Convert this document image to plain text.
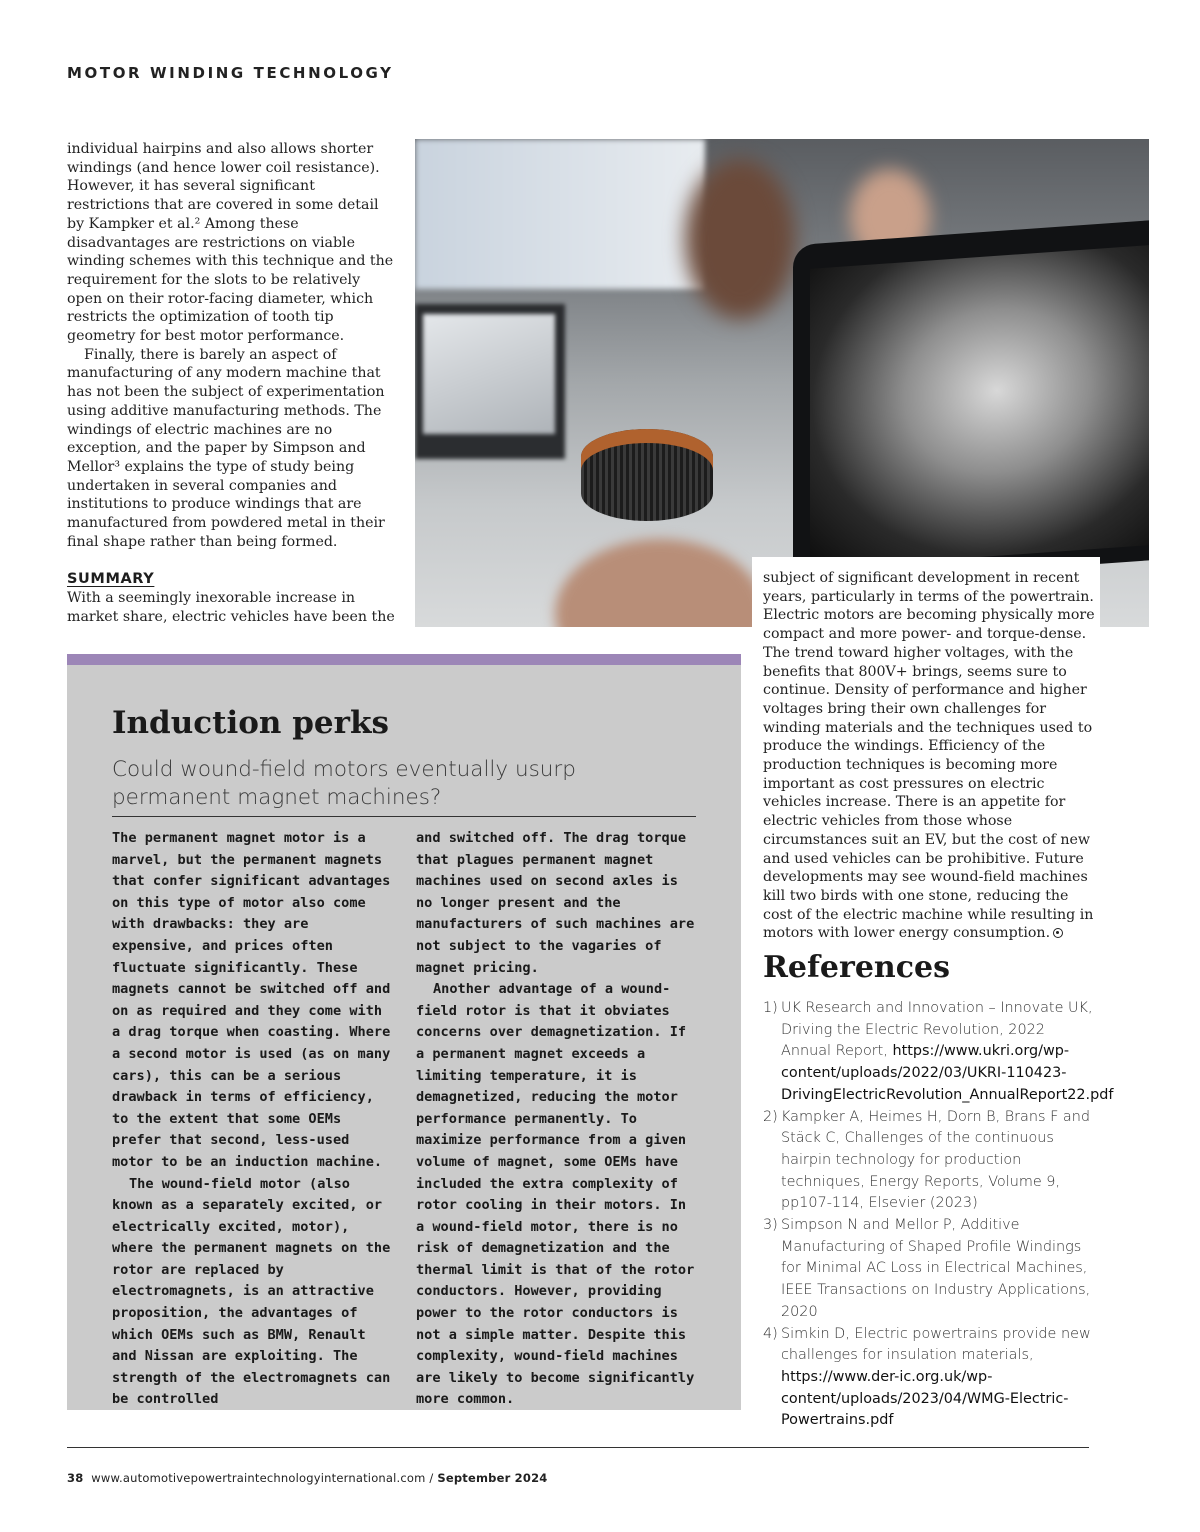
MOTOR WINDING TECHNOLOGY

individual hairpins and also allows shorter windings (and hence lower coil resistance). However, it has several significant restrictions that are covered in some detail by Kampker et al.² Among these disadvantages are restrictions on viable winding schemes with this technique and the requirement for the slots to be relatively open on their rotor-facing diameter, which restricts the optimization of tooth tip geometry for best motor performance.

Finally, there is barely an aspect of manufacturing of any modern machine that has not been the subject of experimentation using additive manufacturing methods. The windings of electric machines are no exception, and the paper by Simpson and Mellor³ explains the type of study being undertaken in several companies and institutions to produce windings that are manufactured from powdered metal in their final shape rather than being formed.

SUMMARY

With a seemingly inexorable increase in market share, electric vehicles have been the

subject of significant development in recent years, particularly in terms of the powertrain. Electric motors are becoming physically more compact and more power- and torque-dense. The trend toward higher voltages, with the benefits that 800V+ brings, seems sure to continue. Density of performance and higher voltages bring their own challenges for winding materials and the techniques used to produce the windings. Efficiency of the production techniques is becoming more important as cost pressures on electric vehicles increase. There is an appetite for electric vehicles from those whose circumstances suit an EV, but the cost of new and used vehicles can be prohibitive. Future developments may see wound-field machines kill two birds with one stone, reducing the cost of the electric machine while resulting in motors with lower energy consumption.

Induction perks

Could wound-field motors eventually usurp permanent magnet machines?

The permanent magnet motor is a marvel, but the permanent magnets that confer significant advantages on this type of motor also come with drawbacks: they are expensive, and prices often fluctuate significantly. These magnets cannot be switched off and on as required and they come with a drag torque when coasting. Where a second motor is used (as on many cars), this can be a serious drawback in terms of efficiency, to the extent that some OEMs prefer that second, less-used motor to be an induction machine.

The wound-field motor (also known as a separately excited, or electrically excited, motor), where the permanent magnets on the rotor are replaced by electromagnets, is an attractive proposition, the advantages of which OEMs such as BMW, Renault and Nissan are exploiting. The strength of the electromagnets can be controlled

and switched off. The drag torque that plagues permanent magnet machines used on second axles is no longer present and the manufacturers of such machines are not subject to the vagaries of magnet pricing.

Another advantage of a wound-field rotor is that it obviates concerns over demagnetization. If a permanent magnet exceeds a limiting temperature, it is demagnetized, reducing the motor performance permanently. To maximize performance from a given volume of magnet, some OEMs have included the extra complexity of rotor cooling in their motors. In a wound-field motor, there is no risk of demagnetization and the thermal limit is that of the rotor conductors. However, providing power to the rotor conductors is not a simple matter. Despite this complexity, wound-field machines are likely to become significantly more common.

References
1) UK Research and Innovation – Innovate UK, Driving the Electric Revolution, 2022 Annual Report, https://www.ukri.org/wp-content/uploads/2022/03/UKRI-110423-DrivingElectricRevolution_AnnualReport22.pdf
2) Kampker A, Heimes H, Dorn B, Brans F and Stäck C, Challenges of the continuous hairpin technology for production techniques, Energy Reports, Volume 9, pp107-114, Elsevier (2023)
3) Simpson N and Mellor P, Additive Manufacturing of Shaped Profile Windings for Minimal AC Loss in Electrical Machines, IEEE Transactions on Industry Applications, 2020
4) Simkin D, Electric powertrains provide new challenges for insulation materials, https://www.der-ic.org.uk/wp-content/uploads/2023/04/WMG-Electric-Powertrains.pdf
38 www.automotivepowertraintechnologyinternational.com / September 2024
